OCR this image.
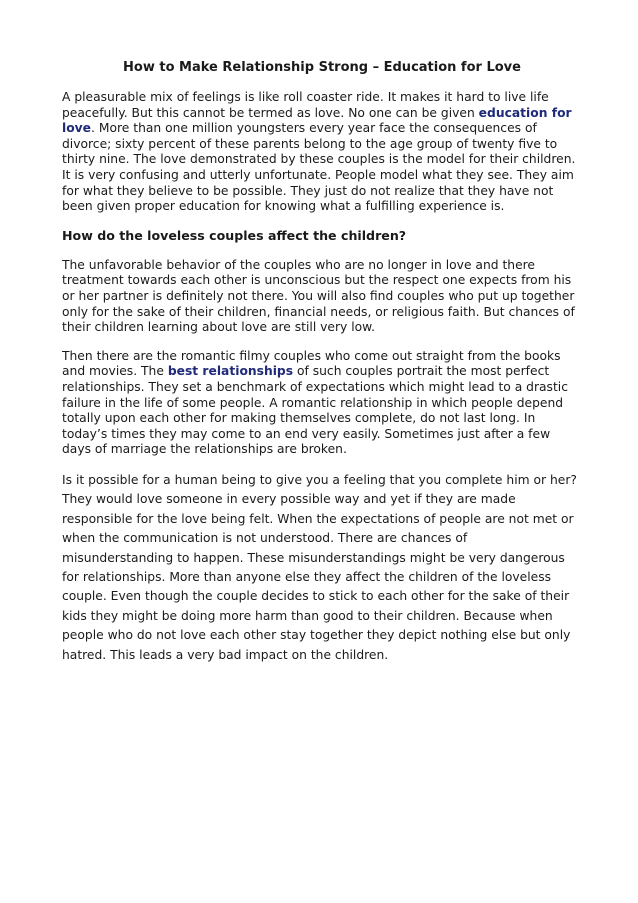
How to Make Relationship Strong – Education for Love

A pleasurable mix of feelings is like roll coaster ride. It makes it hard to live life peacefully. But this cannot be termed as love. No one can be given education for love. More than one million youngsters every year face the consequences of divorce; sixty percent of these parents belong to the age group of twenty five to thirty nine. The love demonstrated by these couples is the model for their children. It is very confusing and utterly unfortunate. People model what they see. They aim for what they believe to be possible. They just do not realize that they have not been given proper education for knowing what a fulfilling experience is.

How do the loveless couples affect the children?

The unfavorable behavior of the couples who are no longer in love and there treatment towards each other is unconscious but the respect one expects from his or her partner is definitely not there. You will also find couples who put up together only for the sake of their children, financial needs, or religious faith. But chances of their children learning about love are still very low.

Then there are the romantic filmy couples who come out straight from the books and movies. The best relationships of such couples portrait the most perfect relationships. They set a benchmark of expectations which might lead to a drastic failure in the life of some people. A romantic relationship in which people depend totally upon each other for making themselves complete, do not last long. In today’s times they may come to an end very easily. Sometimes just after a few days of marriage the relationships are broken.

Is it possible for a human being to give you a feeling that you complete him or her? They would love someone in every possible way and yet if they are made responsible for the love being felt. When the expectations of people are not met or when the communication is not understood. There are chances of misunderstanding to happen. These misunderstandings might be very dangerous for relationships. More than anyone else they affect the children of the loveless couple. Even though the couple decides to stick to each other for the sake of their kids they might be doing more harm than good to their children. Because when people who do not love each other stay together they depict nothing else but only hatred. This leads a very bad impact on the children.
